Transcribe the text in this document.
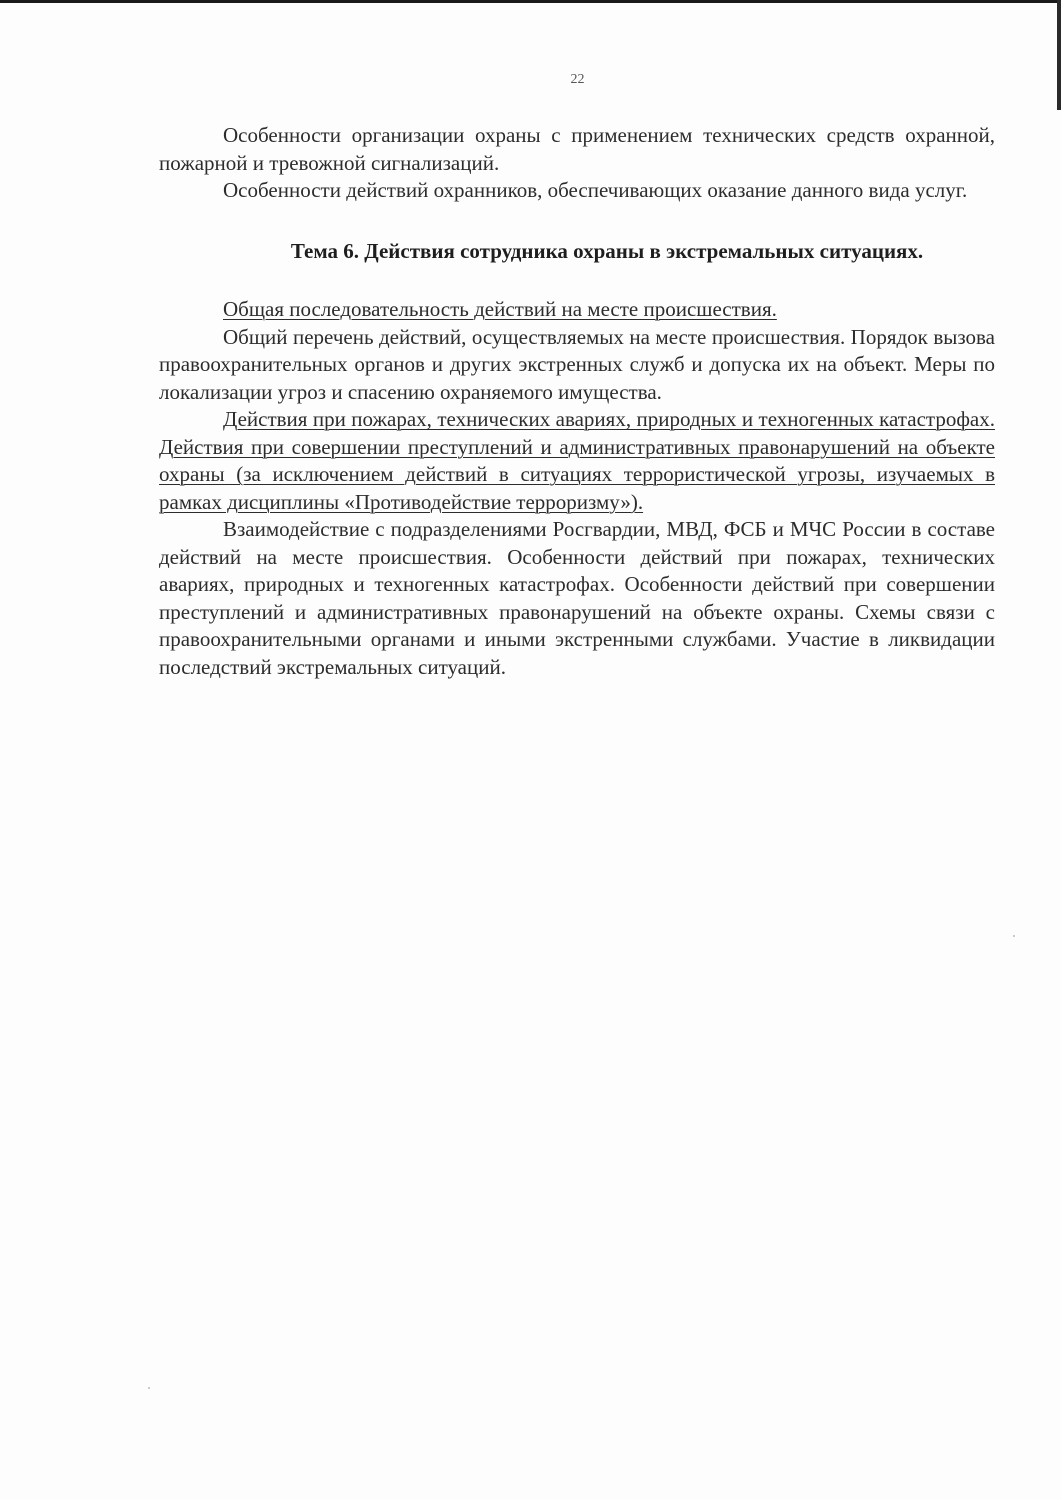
22

Особенности организации охраны с применением технических средств охранной, пожарной и тревожной сигнализаций.

Особенности действий охранников, обеспечивающих оказание данного вида услуг.

Тема 6. Действия сотрудника охраны в экстремальных ситуациях.

Общая последовательность действий на месте происшествия.

Общий перечень действий, осуществляемых на месте происшествия. Порядок вызова правоохранительных органов и других экстренных служб и допуска их на объект. Меры по локализации угроз и спасению охраняемого имущества.

Действия при пожарах, технических авариях, природных и техногенных катастрофах. Действия при совершении преступлений и административных правонарушений на объекте охраны (за исключением действий в ситуациях террористической угрозы, изучаемых в рамках дисциплины «Противодействие терроризму»).

Взаимодействие с подразделениями Росгвардии, МВД, ФСБ и МЧС России в составе действий на месте происшествия. Особенности действий при пожарах, технических авариях, природных и техногенных катастрофах. Особенности действий при совершении преступлений и административных правонарушений на объекте охраны. Схемы связи с правоохранительными органами и иными экстренными службами. Участие в ликвидации последствий экстремальных ситуаций.
